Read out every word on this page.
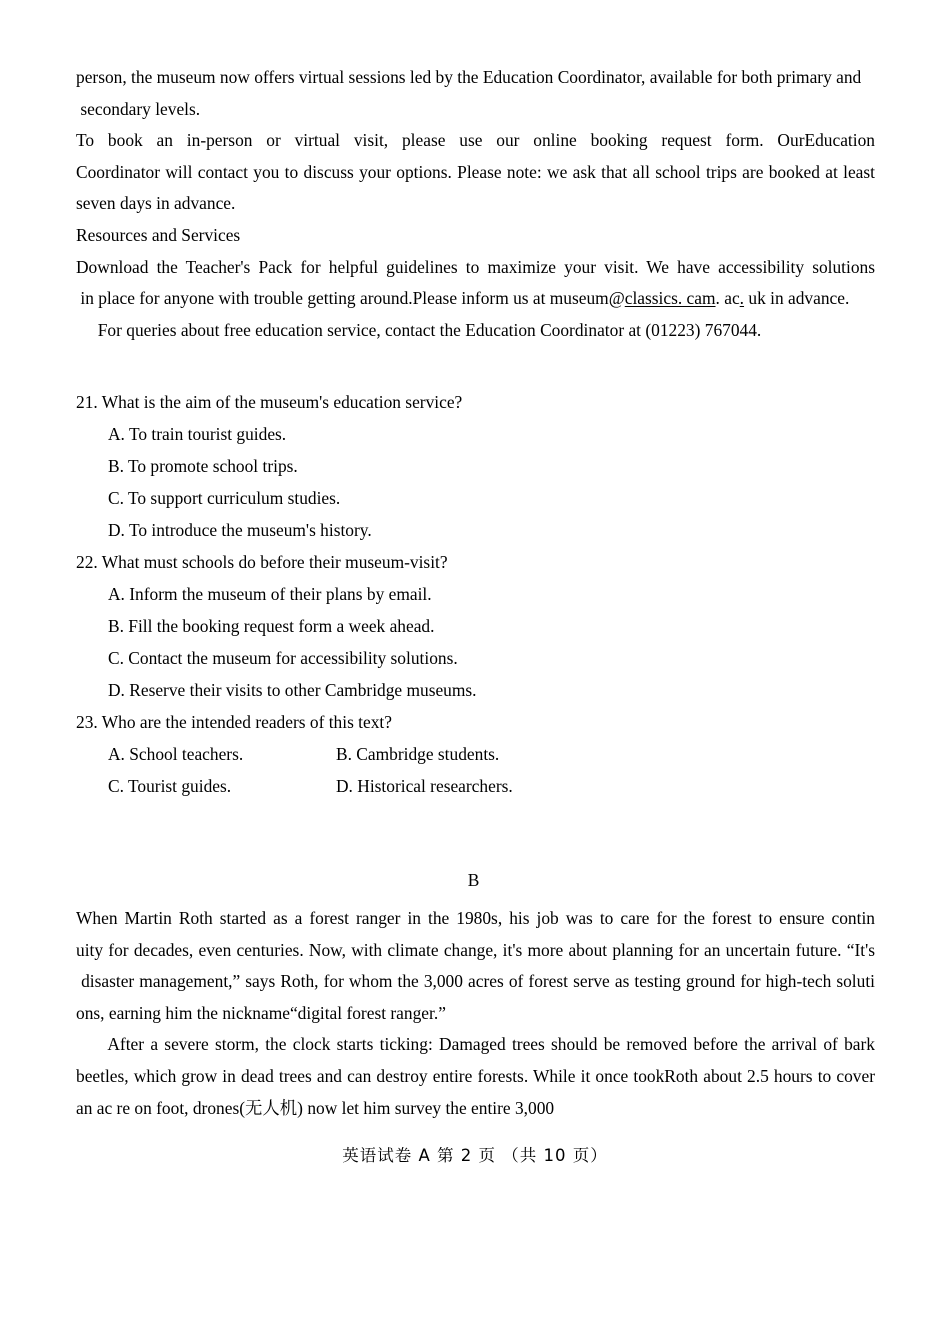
person, the museum now offers virtual sessions led by the Education Coordinator, available for both primary and
secondary levels.
To  book  an  in-person  or  virtual  visit,  please  use  our  online  booking  request  form.  OurEducation
Coordinator will contact you to discuss your options. Please note: we ask that all school trips are booked at least
seven days in advance.
Resources and Services
Download the Teacher's Pack for helpful guidelines to maximize your visit. We have accessibility solutions
in place for anyone with trouble getting around.Please inform us at museum@classics. cam. ac. uk in advance.
For queries about free education service, contact the Education Coordinator at (01223) 767044.
21. What is the aim of the museum's education service?
A. To train tourist guides.
B. To promote school trips.
C. To support curriculum studies.
D. To introduce the museum's history.
22. What must schools do before their museum-visit?
A. Inform the museum of their plans by email.
B. Fill the booking request form a week ahead.
C. Contact the museum for accessibility solutions.
D. Reserve their visits to other Cambridge museums.
23. Who are the intended readers of this text?
A. School teachers.	B. Cambridge students.
C. Tourist guides.	D. Historical researchers.
B
When Martin Roth started as a forest ranger in the 1980s, his job was to care for the forest to ensure contin
uity for decades, even centuries. Now, with climate change, it's more about planning for an uncertain future. “It's
disaster management,” says Roth, for whom the 3,000 acres of forest serve as testing ground for high-tech soluti
ons, earning him the nickname“digital forest ranger.”
After a severe storm, the clock starts ticking: Damaged trees should be removed before the arrival of bark
beetles, which grow in dead trees and can destroy entire forests. While it once tookRoth about 2.5 hours to cover
an ac re on foot, drones(无人机) now let him survey the entire 3,000
英语试卷 A 第 2 页 （共 10 页）
